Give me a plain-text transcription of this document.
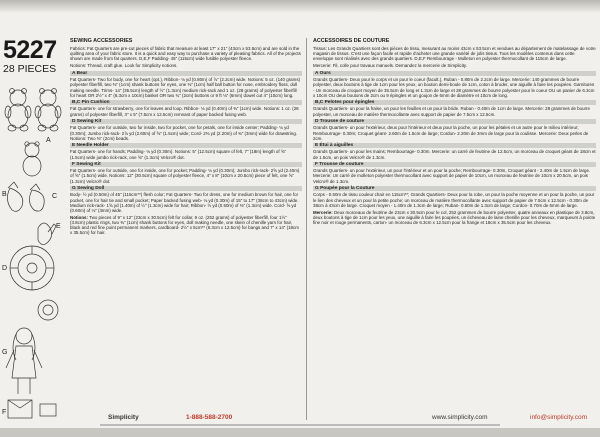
5227
28 PIECES
A
B	C
D
E
F
G
SEWING ACCESSORIES

Fabrics: Fat Quarters are pre-cut pieces of fabric that measure at least 17" x 21" (43cm x 53.5cm) and are sold in the quilting area of your fabric store. It is a quick and easy way to purchase a variety of pleasing fabrics. All of the projects shown are made from fat quarters. D,E,F Padding- 45" (115cm) wide fusible polyester fleece.

Notions: Thread, craft glue. Look for Simplicity notions.

A Bear

Fat Quarters- Two for body, one for heart (opt.), Ribbon- ⅛ yd (0.80m) of ⅞" (2.2cm) wide. Notions: 5 oz. (140 grams) polyester fiberfill, two ⅜" (1cm) shank buttons for eyes, one ⅜" (1cm) half ball button for nose, embroidery floss, doll making needle. Trims- 14" (35.5cm) length of ½" (1.3cm) medium rick-rack and 1 oz. (28 grams) of polyester fiberfill for heart OR 2½" x 4" (6.3cm x 10cm) basket OR two ¾" (2cm) buttons or 9 ft ⅛" (6mm) dowel cut 4" (10cm) long.

B,C Pin Cushion

Fat Quarters- one for strawberry, one for leaves and loop. Ribbon- ⅛ yd (0.40m) of ⅜" (1cm) wide. Notions: 1 oz. (28 grams) of polyester fiberfill, 3" x 5" (7.5cm x 12.5cm) remnant of paper backed fusing web.

D Sewing Kit

Fat Quarters- one for outside, two for inside, two for pocket, one for petals, one for inside center; Padding- ⅛ yd (0.30m); Jumbo rick-rack- 2⅞ yd (2.60m) of ⅝" (1.5cm) wide; Cord- 2⅜ yd (2.20m) of ⅜" (3mm) wide for drawstring. Notions: Two ⅜" (2cm) beads.

E Needle Holder

Fat Quarters- one for hands; Padding- ⅛ yd (0.30m). Notions: 5" (12.5cm) square of felt, 7" (18m) length of ⅝" (1.5cm) wide jumbo rick-rack, one ⅝" (1.3cm) Velcro® dot.

F Sewing Kit

Fat Quarters- one for outside, one for inside, one for pocket; Padding- ⅛ yd (0.30m); Jumbo rick-rack- 2⅝ yd (2.40m) of ⅝" (1.5cm) wide. Notions: 12" (30.5cm) square of polyester fleece, 4" x 8" (10cm x 20.5cm) piece of felt, one ⅝" (1.3cm) Velcro® dot.

G Sewing Doll

Body- ½ yd (0.50m) of 45" (115cm**) flesh color; Fat Quarters- Two for dress, one for medium brown for hair, one for pocket, one for hair tie and small pocket; Paper backed fusing web- ⅛ yd (0.30m) of 15" to 17" (38cm to 43cm) wide. Medium rick-rack- 1⅝ yd (1.40m) of ½" (1.3cm) wide for hair; Ribbon- ½ yd (0.50m) of ⅜" (1.3cm) wide. Cord- ⅝ yd (0.60m) of ⅛" (3mm) wide.

Notions: Two pieces of 9" x 12" (23cm x 30.5cm) felt for collar, 9 oz. (252 grams) of polyester fiberfill, four 1½" (3.8cm) plastic rings, two ⅜" (1cm) shank buttons for eyes, doll making needle, one skein of chenille yarn for hair, black and red fine point permanent markers, cardboard- 2½" x 5cm** (6.3cm x 12.5cm) for bangs and 7" x 14" (18cm x 35.5cm) for hair.

ACCESSOIRES DE COUTURE

Tissus: Les Grands Quartiers sont des pièces de tissu, mesurant au moins 43cm x 53.5cm et vendues au département de matelassage de votre magasin de tissus. C'est une façon facile et rapide d'acheter une grande variété de jolis tissus. Tous les modèles contenus dans cette enveloppe sont réalisés avec des grands quartiers. D,E,F Rembourrage - Molleton en polyester thermocollant de 115cm de large.

Mercerie: Fil, colle pour travaux manuels. Demandez la mercerie de Simplicity.

A Ours

Grands Quartiers- Deux pour le corps et un pour le coeur (facult.), Ruban - 0.80m de 2.2cm de large. Mercerie: 140 grammes de bourre polyester, deux boutons à tige de 1cm pour les yeux, un bouton demi-boule de 1cm, coton à broder, une aiguille à faire les poupées. Garnitures - Un morceau de croquet moyen de 35.5cm de long et 1.3cm de large et 28 grammes de bourre polyester pour le coeur OU un panier de 6.3cm x 10cm OU deux boutons de 2cm ou 9 épingles et un goujon de 6mm de diamètre et 10cm de long.

B,C Pelotes pour épingles

Grands Quartiers- un pour la fraise, un pour les feuilles et un pour la bride. Ruban - 0.40m de 1cm de large. Mercerie: 28 grammes de bourre polyester, un morceau de matière thermocollante avec support de papier de 7.5cm x 12.5cm.

D Trousse de couture

Grands Quartiers- un pour l'extérieur, deux pour l'intérieur et deux pour la poche, un pour les pétales et un autre pour le milieu intérieur; Rembourrage- 0.30m; Croquet géant- 2.60m de 1.5cm de large; Cordon- 2.20m de 3mm de large pour la coulisse. Mercerie: Deux perles de 2cm.

E Étui à aiguilles

Grands Quartiers- un pour les mains; Rembourrage- 0.30m. Mercerie: un carré de feutrine de 12.5cm, un morceau de croquet géant de 18cm et de 1.5cm, un pois Velcro® de 1.3cm.

F Trousse de couture

Grands Quartiers- un pour l'extérieur, un pour l'intérieur et un pour la poche; Rembourrage- 0.30m, Croquet géant - 2.40m de 1.5cm de large. Mercerie: Un carré de molleton polyester thermocollant avec support de papier de 10cm, un morceau de feutrine de 10cm x 20.5cm, un pois Velcro® de 1.3cm.

G Poupée pour la Couture

Corps - 0.50m de tissu couleur chair en 115cm**; Grands Quartiers- Deux pour la robe, un pour la poche moyenne et un pour la poche, un pour le lien des cheveux et un pour la petite poche; un morceau de matière thermocollante avec support de papier de 7.5cm x 12.5cm - 0.30m de 38cm à 43cm de large. Croquet moyen - 1.40m de 1.3cm de large; Ruban- 0.50m de 1.3cm de large; Cordon- 0.70m de 6mm de large.

Mercerie: Deux morceaux de feutrine de 23cm x 30.5cm pour le col, 252 grammes de bourre polyester, quatre anneaux en plastique de 3.8cm, deux boutons à tige de 1cm pour les yeux, une aiguille à faire les poupées, un écheveau de laine chenille pour les cheveux, marqueurs à pointe fine noir et rouge permanents, carton- un morceau de 6.3cm x 12.5cm pour la frange et 18cm x 35.5cm pour les cheveux.

Simplicity	1-888-588-2700	www.simplicity.com	info@simplicity.com
